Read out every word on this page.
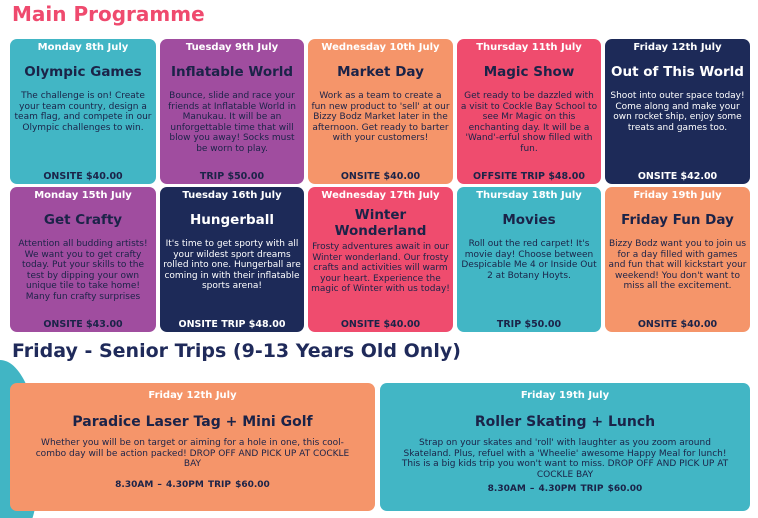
Main Programme
Monday 8th July
Olympic Games
The challenge is on! Create your team country, design a team flag, and compete in our Olympic challenges to win.
ONSITE $40.00
Tuesday 9th July
Inflatable World
Bounce, slide and race your friends at Inflatable World in Manukau. It will be an unforgettable time that will blow you away! Socks must be worn to play.
TRIP $50.00
Wednesday 10th July
Market Day
Work as a team to create a fun new product to 'sell' at our Bizzy Bodz Market later in the afternoon. Get ready to barter with your customers!
ONSITE $40.00
Thursday 11th July
Magic Show
Get ready to be dazzled with a visit to Cockle Bay School to see Mr Magic on this enchanting day. It will be a 'Wand'-erful show filled with fun.
OFFSITE TRIP $48.00
Friday 12th July
Out of This World
Shoot into outer space today! Come along and make your own rocket ship, enjoy some treats and games too.
ONSITE $42.00
Monday 15th July
Get Crafty
Attention all budding artists! We want you to get crafty today. Put your skills to the test by dipping your own unique tile to take home! Many fun crafty surprises
ONSITE $43.00
Tuesday 16th July
Hungerball
It's time to get sporty with all your wildest sport dreams rolled into one. Hungerball are coming in with their inflatable sports arena!
ONSITE TRIP $48.00
Wednesday 17th July
Winter Wonderland
Frosty adventures await in our Winter wonderland. Our frosty crafts and activities will warm your heart. Experience the magic of Winter with us today!
ONSITE $40.00
Thursday 18th July
Movies
Roll out the red carpet! It's movie day! Choose between Despicable Me 4 or Inside Out 2 at Botany Hoyts.
TRIP $50.00
Friday 19th July
Friday Fun Day
Bizzy Bodz want you to join us for a day filled with games and fun that will kickstart your weekend! You don't want to miss all the excitement.
ONSITE $40.00
Friday - Senior Trips (9-13 Years Old Only)
Friday 12th July
Paradice Laser Tag + Mini Golf
Whether you will be on target or aiming for a hole in one, this cool-combo day will be action packed! DROP OFF AND PICK UP AT COCKLE BAY
8.30AM – 4.30PM TRIP $60.00
Friday 19th July
Roller Skating + Lunch
Strap on your skates and 'roll' with laughter as you zoom around Skateland. Plus, refuel with a 'Wheelie' awesome Happy Meal for lunch! This is a big kids trip you won't want to miss. DROP OFF AND PICK UP AT COCKLE BAY
8.30AM – 4.30PM TRIP $60.00
